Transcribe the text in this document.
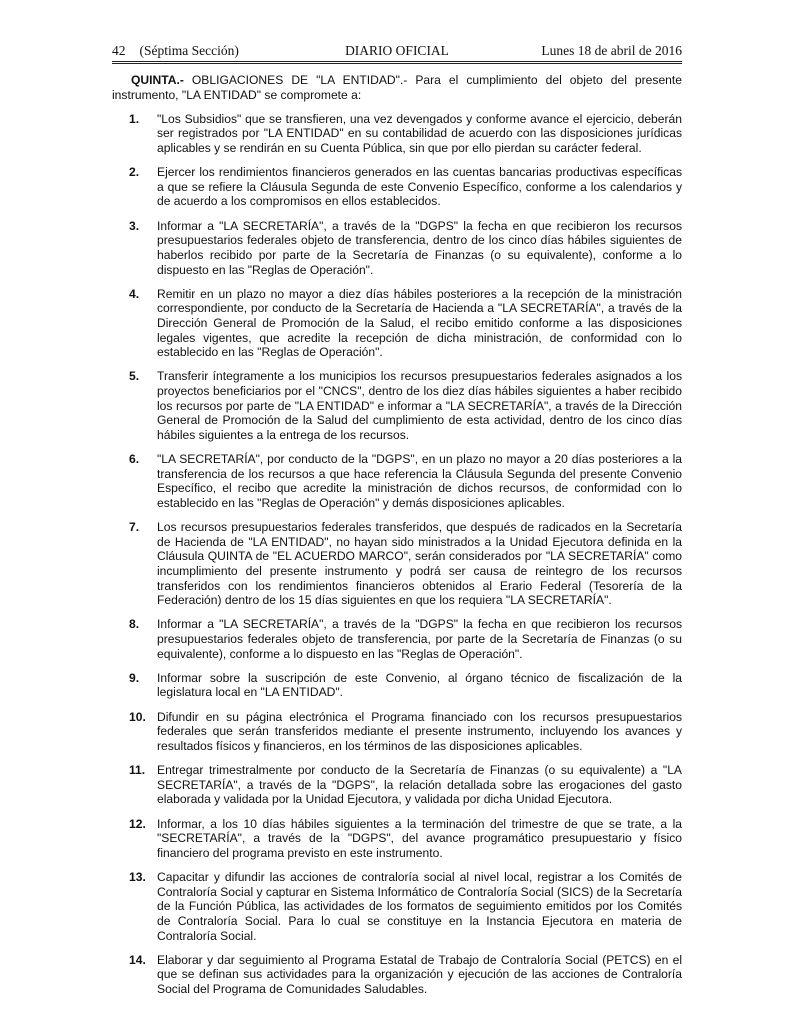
42 (Séptima Sección)	DIARIO OFICIAL	Lunes 18 de abril de 2016

QUINTA.- OBLIGACIONES DE "LA ENTIDAD".- Para el cumplimiento del objeto del presente instrumento, "LA ENTIDAD" se compromete a:

1. "Los Subsidios" que se transfieren, una vez devengados y conforme avance el ejercicio, deberán ser registrados por "LA ENTIDAD" en su contabilidad de acuerdo con las disposiciones jurídicas aplicables y se rendirán en su Cuenta Pública, sin que por ello pierdan su carácter federal.
2. Ejercer los rendimientos financieros generados en las cuentas bancarias productivas específicas a que se refiere la Cláusula Segunda de este Convenio Específico, conforme a los calendarios y de acuerdo a los compromisos en ellos establecidos.
3. Informar a "LA SECRETARÍA", a través de la "DGPS" la fecha en que recibieron los recursos presupuestarios federales objeto de transferencia, dentro de los cinco días hábiles siguientes de haberlos recibido por parte de la Secretaría de Finanzas (o su equivalente), conforme a lo dispuesto en las "Reglas de Operación".
4. Remitir en un plazo no mayor a diez días hábiles posteriores a la recepción de la ministración correspondiente, por conducto de la Secretaría de Hacienda a "LA SECRETARÍA", a través de la Dirección General de Promoción de la Salud, el recibo emitido conforme a las disposiciones legales vigentes, que acredite la recepción de dicha ministración, de conformidad con lo establecido en las "Reglas de Operación".
5. Transferir íntegramente a los municipios los recursos presupuestarios federales asignados a los proyectos beneficiarios por el "CNCS", dentro de los diez días hábiles siguientes a haber recibido los recursos por parte de "LA ENTIDAD" e informar a "LA SECRETARÍA", a través de la Dirección General de Promoción de la Salud del cumplimiento de esta actividad, dentro de los cinco días hábiles siguientes a la entrega de los recursos.
6. "LA SECRETARÍA", por conducto de la "DGPS", en un plazo no mayor a 20 días posteriores a la transferencia de los recursos a que hace referencia la Cláusula Segunda del presente Convenio Específico, el recibo que acredite la ministración de dichos recursos, de conformidad con lo establecido en las "Reglas de Operación" y demás disposiciones aplicables.
7. Los recursos presupuestarios federales transferidos, que después de radicados en la Secretaría de Hacienda de "LA ENTIDAD", no hayan sido ministrados a la Unidad Ejecutora definida en la Cláusula QUINTA de "EL ACUERDO MARCO", serán considerados por "LA SECRETARÍA" como incumplimiento del presente instrumento y podrá ser causa de reintegro de los recursos transferidos con los rendimientos financieros obtenidos al Erario Federal (Tesorería de la Federación) dentro de los 15 días siguientes en que los requiera "LA SECRETARÍA".
8. Informar a "LA SECRETARÍA", a través de la "DGPS" la fecha en que recibieron los recursos presupuestarios federales objeto de transferencia, por parte de la Secretaría de Finanzas (o su equivalente), conforme a lo dispuesto en las "Reglas de Operación".
9. Informar sobre la suscripción de este Convenio, al órgano técnico de fiscalización de la legislatura local en "LA ENTIDAD".
10. Difundir en su página electrónica el Programa financiado con los recursos presupuestarios federales que serán transferidos mediante el presente instrumento, incluyendo los avances y resultados físicos y financieros, en los términos de las disposiciones aplicables.
11. Entregar trimestralmente por conducto de la Secretaría de Finanzas (o su equivalente) a "LA SECRETARÍA", a través de la "DGPS", la relación detallada sobre las erogaciones del gasto elaborada y validada por la Unidad Ejecutora, y validada por dicha Unidad Ejecutora.
12. Informar, a los 10 días hábiles siguientes a la terminación del trimestre de que se trate, a la "SECRETARÍA", a través de la "DGPS", del avance programático presupuestario y físico financiero del programa previsto en este instrumento.
13. Capacitar y difundir las acciones de contraloría social al nivel local, registrar a los Comités de Contraloría Social y capturar en Sistema Informático de Contraloría Social (SICS) de la Secretaría de la Función Pública, las actividades de los formatos de seguimiento emitidos por los Comités de Contraloría Social. Para lo cual se constituye en la Instancia Ejecutora en materia de Contraloría Social.
14. Elaborar y dar seguimiento al Programa Estatal de Trabajo de Contraloría Social (PETCS) en el que se definan sus actividades para la organización y ejecución de las acciones de Contraloría Social del Programa de Comunidades Saludables.
